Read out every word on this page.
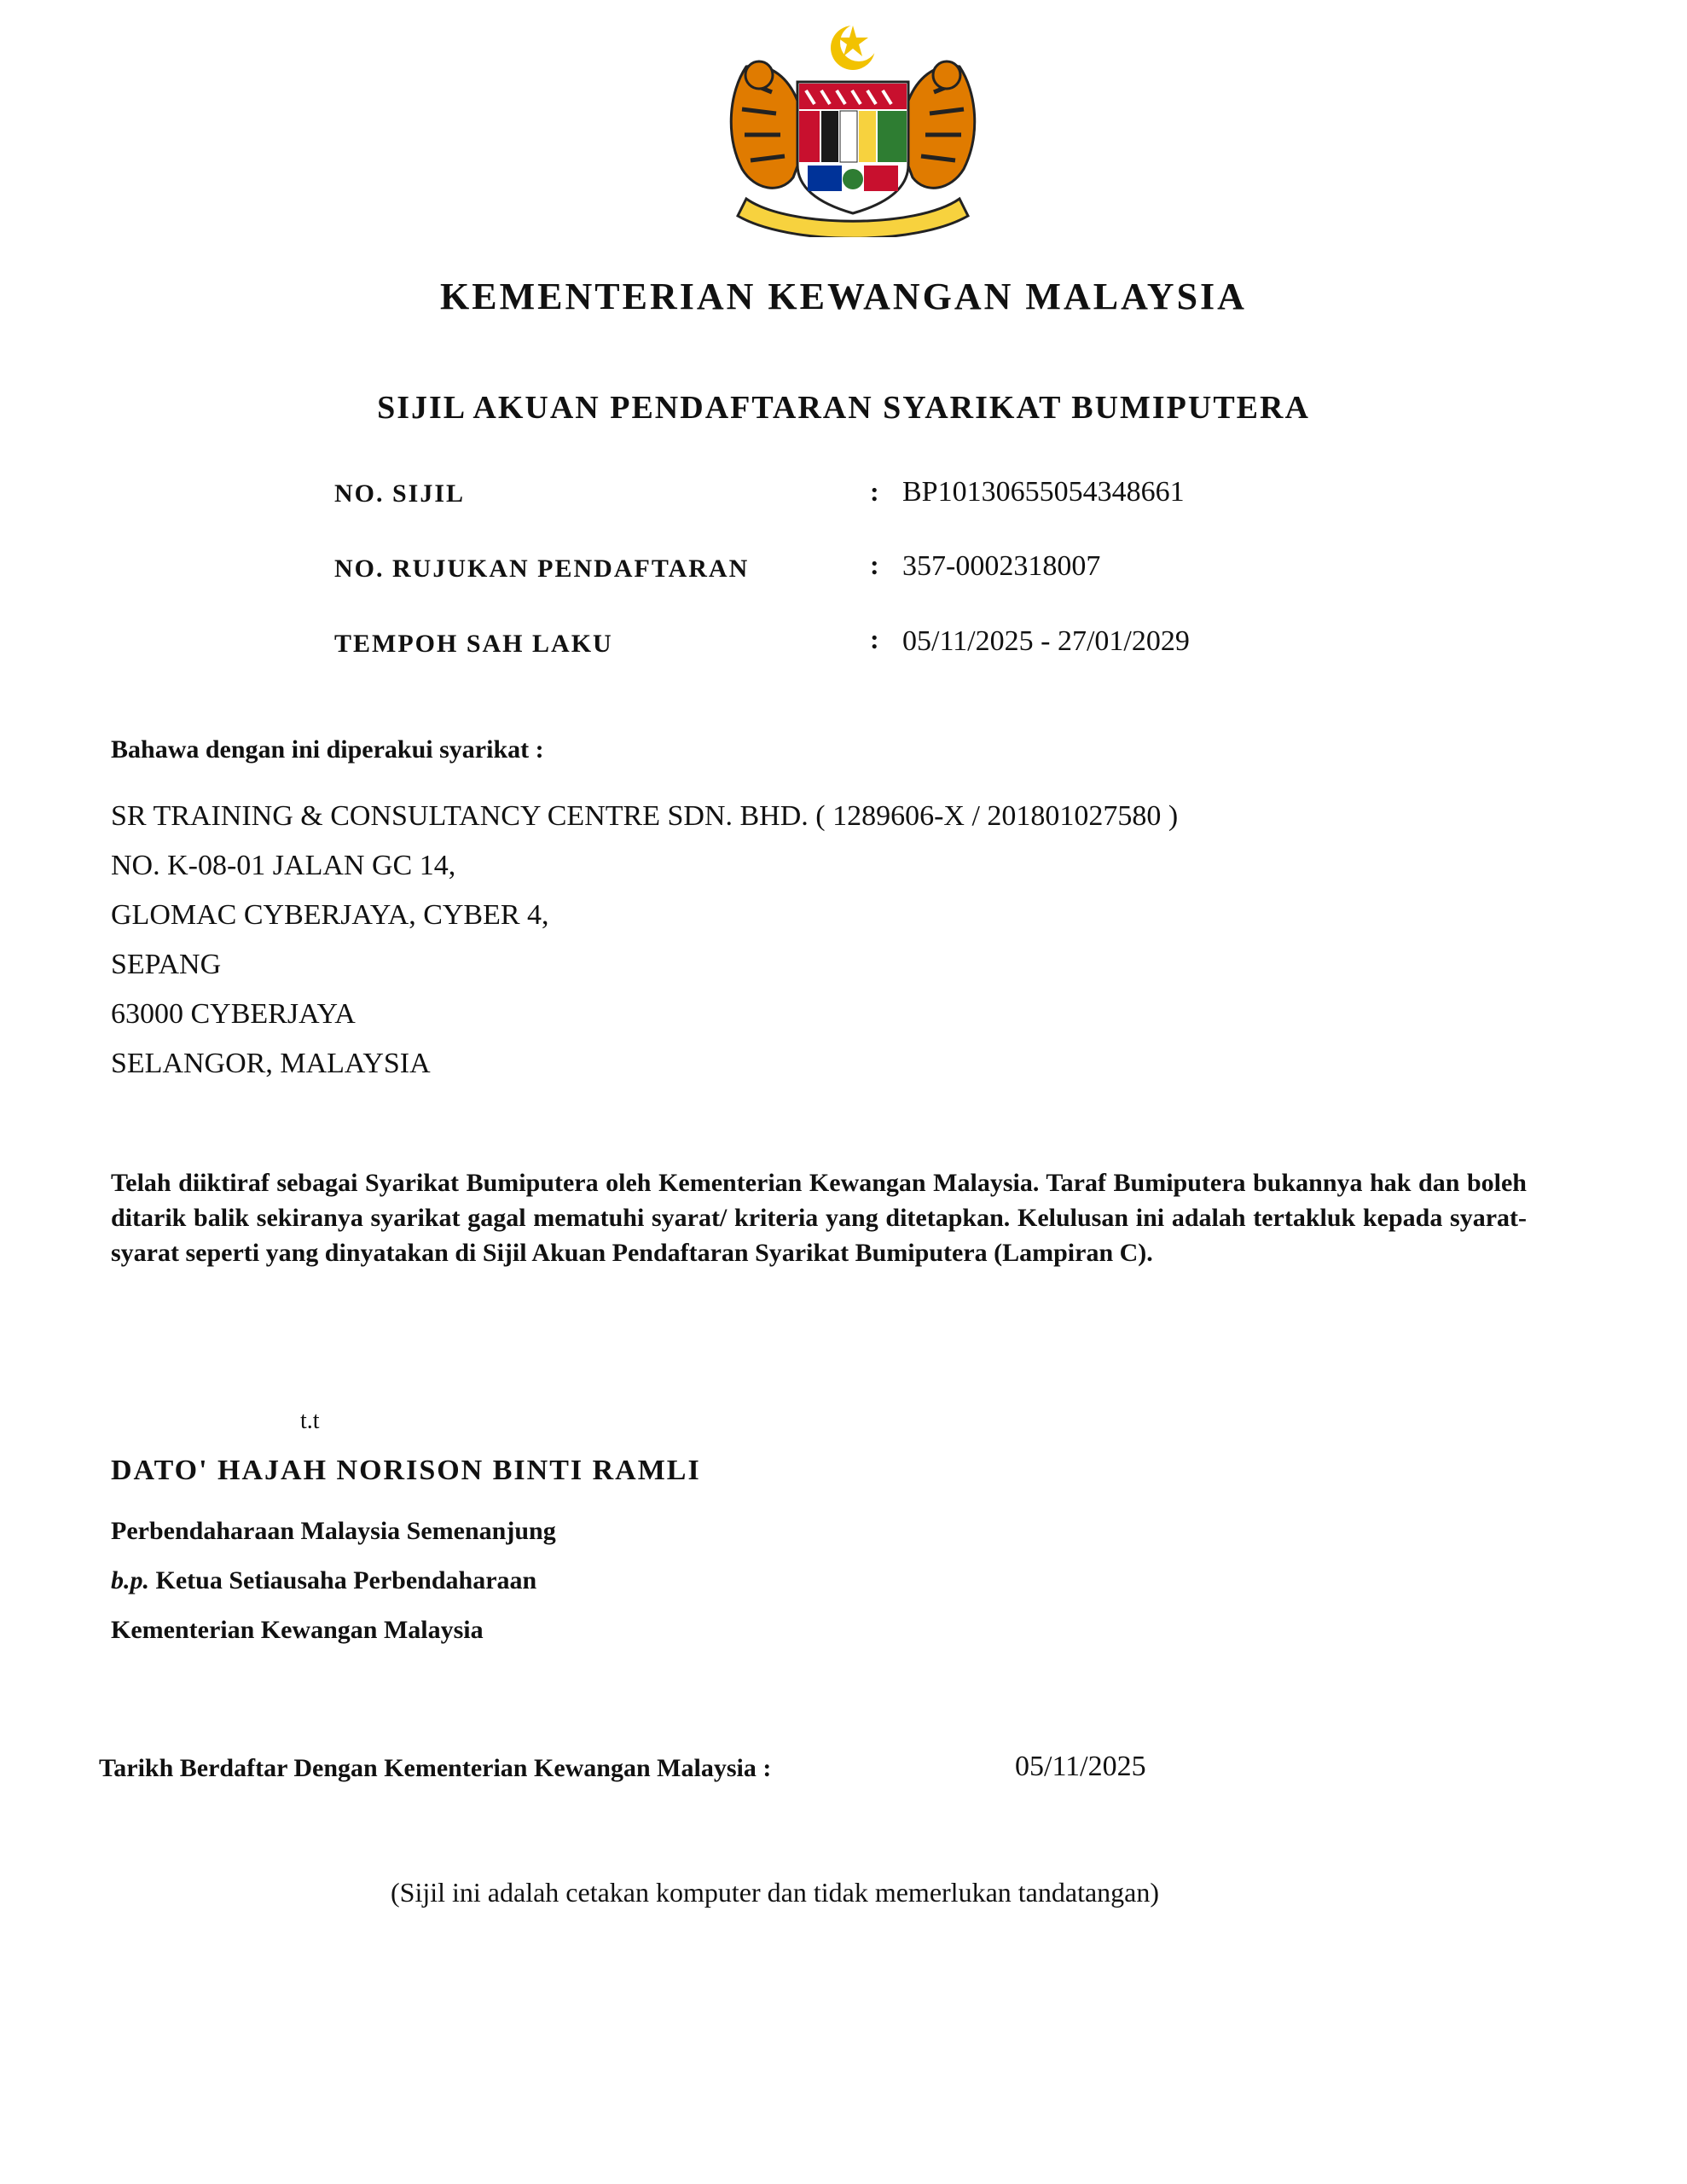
KEMENTERIAN KEWANGAN MALAYSIA
SIJIL AKUAN PENDAFTARAN SYARIKAT BUMIPUTERA
NO. SIJIL	: BP10130655054348661
NO. RUJUKAN PENDAFTARAN	: 357-0002318007
TEMPOH SAH LAKU	: 05/11/2025 - 27/01/2029
Bahawa dengan ini diperakui syarikat :
SR TRAINING & CONSULTANCY CENTRE SDN. BHD. ( 1289606-X / 201801027580 )
NO. K-08-01 JALAN GC 14,
GLOMAC CYBERJAYA, CYBER 4,
SEPANG
63000 CYBERJAYA
SELANGOR, MALAYSIA
Telah diiktiraf sebagai Syarikat Bumiputera oleh Kementerian Kewangan Malaysia. Taraf Bumiputera bukannya hak dan boleh ditarik balik sekiranya syarikat gagal mematuhi syarat/ kriteria yang ditetapkan. Kelulusan ini adalah tertakluk kepada syarat-syarat seperti yang dinyatakan di Sijil Akuan Pendaftaran Syarikat Bumiputera (Lampiran C).
t.t
DATO' HAJAH NORISON BINTI RAMLI
Perbendaharaan Malaysia Semenanjung
b.p. Ketua Setiausaha Perbendaharaan
Kementerian Kewangan Malaysia
Tarikh Berdaftar Dengan Kementerian Kewangan Malaysia :	05/11/2025
(Sijil ini adalah cetakan komputer dan tidak memerlukan tandatangan)
